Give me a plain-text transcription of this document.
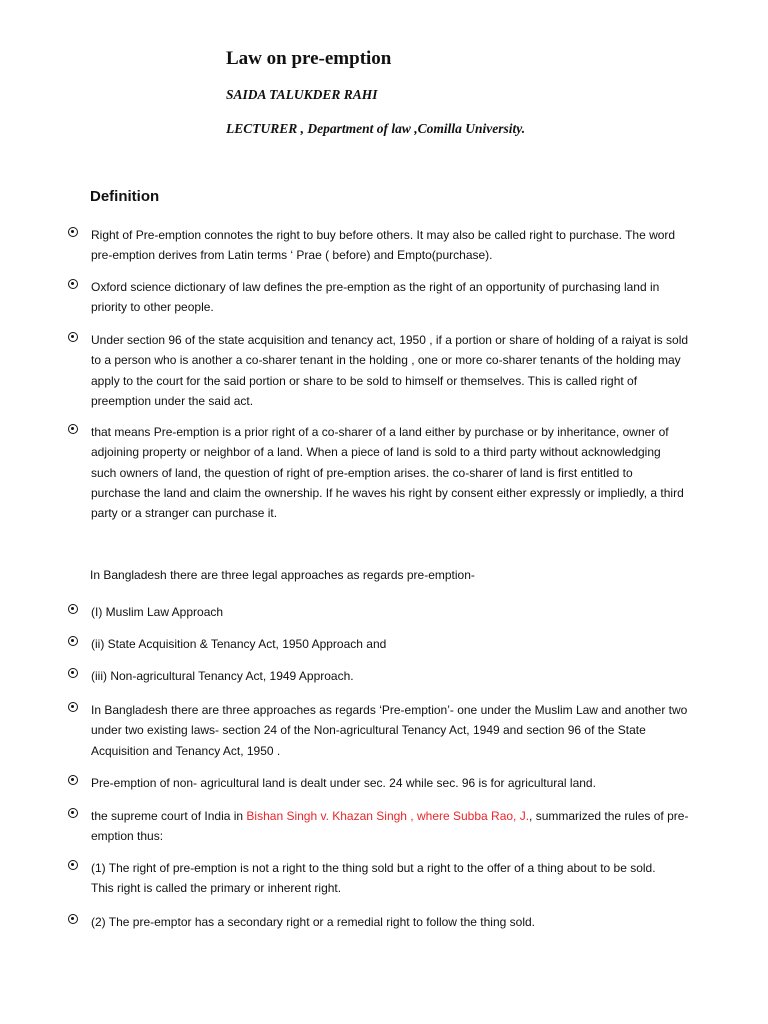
Law on pre-emption
SAIDA TALUKDER RAHI
LECTURER , Department of law ,Comilla University.
Definition
Right of Pre-emption connotes the right to buy before others. It may also be called right to purchase. The word
pre-emption derives from Latin terms ‘ Prae ( before) and Empto(purchase).
Oxford science dictionary of law defines the pre-emption as the right of an opportunity of purchasing land in
priority to other people.
Under section 96 of the state acquisition and tenancy act, 1950 , if a portion or share of holding of a raiyat is sold
to a person who is another a co-sharer tenant in the holding , one or more co-sharer tenants of the holding may
apply to the court for the said portion or share to be sold to himself or themselves. This is called right of
preemption under the said act.
that means Pre-emption is a prior right of a co-sharer of a land either by purchase or by inheritance, owner of
adjoining property or neighbor of a land. When a piece of land is sold to a third party without acknowledging
such owners of land, the question of right of pre-emption arises. the co-sharer of land is first entitled to
purchase the land and claim the ownership. If he waves his right by consent either expressly or impliedly, a third
party or a stranger can purchase it.
In Bangladesh there are three legal approaches as regards pre-emption-
(I) Muslim Law Approach
(ii) State Acquisition & Tenancy Act, 1950 Approach and
(iii) Non-agricultural Tenancy Act, 1949 Approach.
In Bangladesh there are three approaches as regards ‘Pre-emption’- one under the Muslim Law and another two
under two existing laws- section 24 of the Non-agricultural Tenancy Act, 1949 and section 96 of the State
Acquisition and Tenancy Act, 1950 .
Pre-emption of non- agricultural land is dealt under sec. 24 while sec. 96 is for agricultural land.
the supreme court of India in Bishan Singh v. Khazan Singh , where Subba Rao, J., summarized the rules of pre-
emption thus:
(1) The right of pre-emption is not a right to the thing sold but a right to the offer of a thing about to be sold.
This right is called the primary or inherent right.
(2) The pre-emptor has a secondary right or a remedial right to follow the thing sold.
